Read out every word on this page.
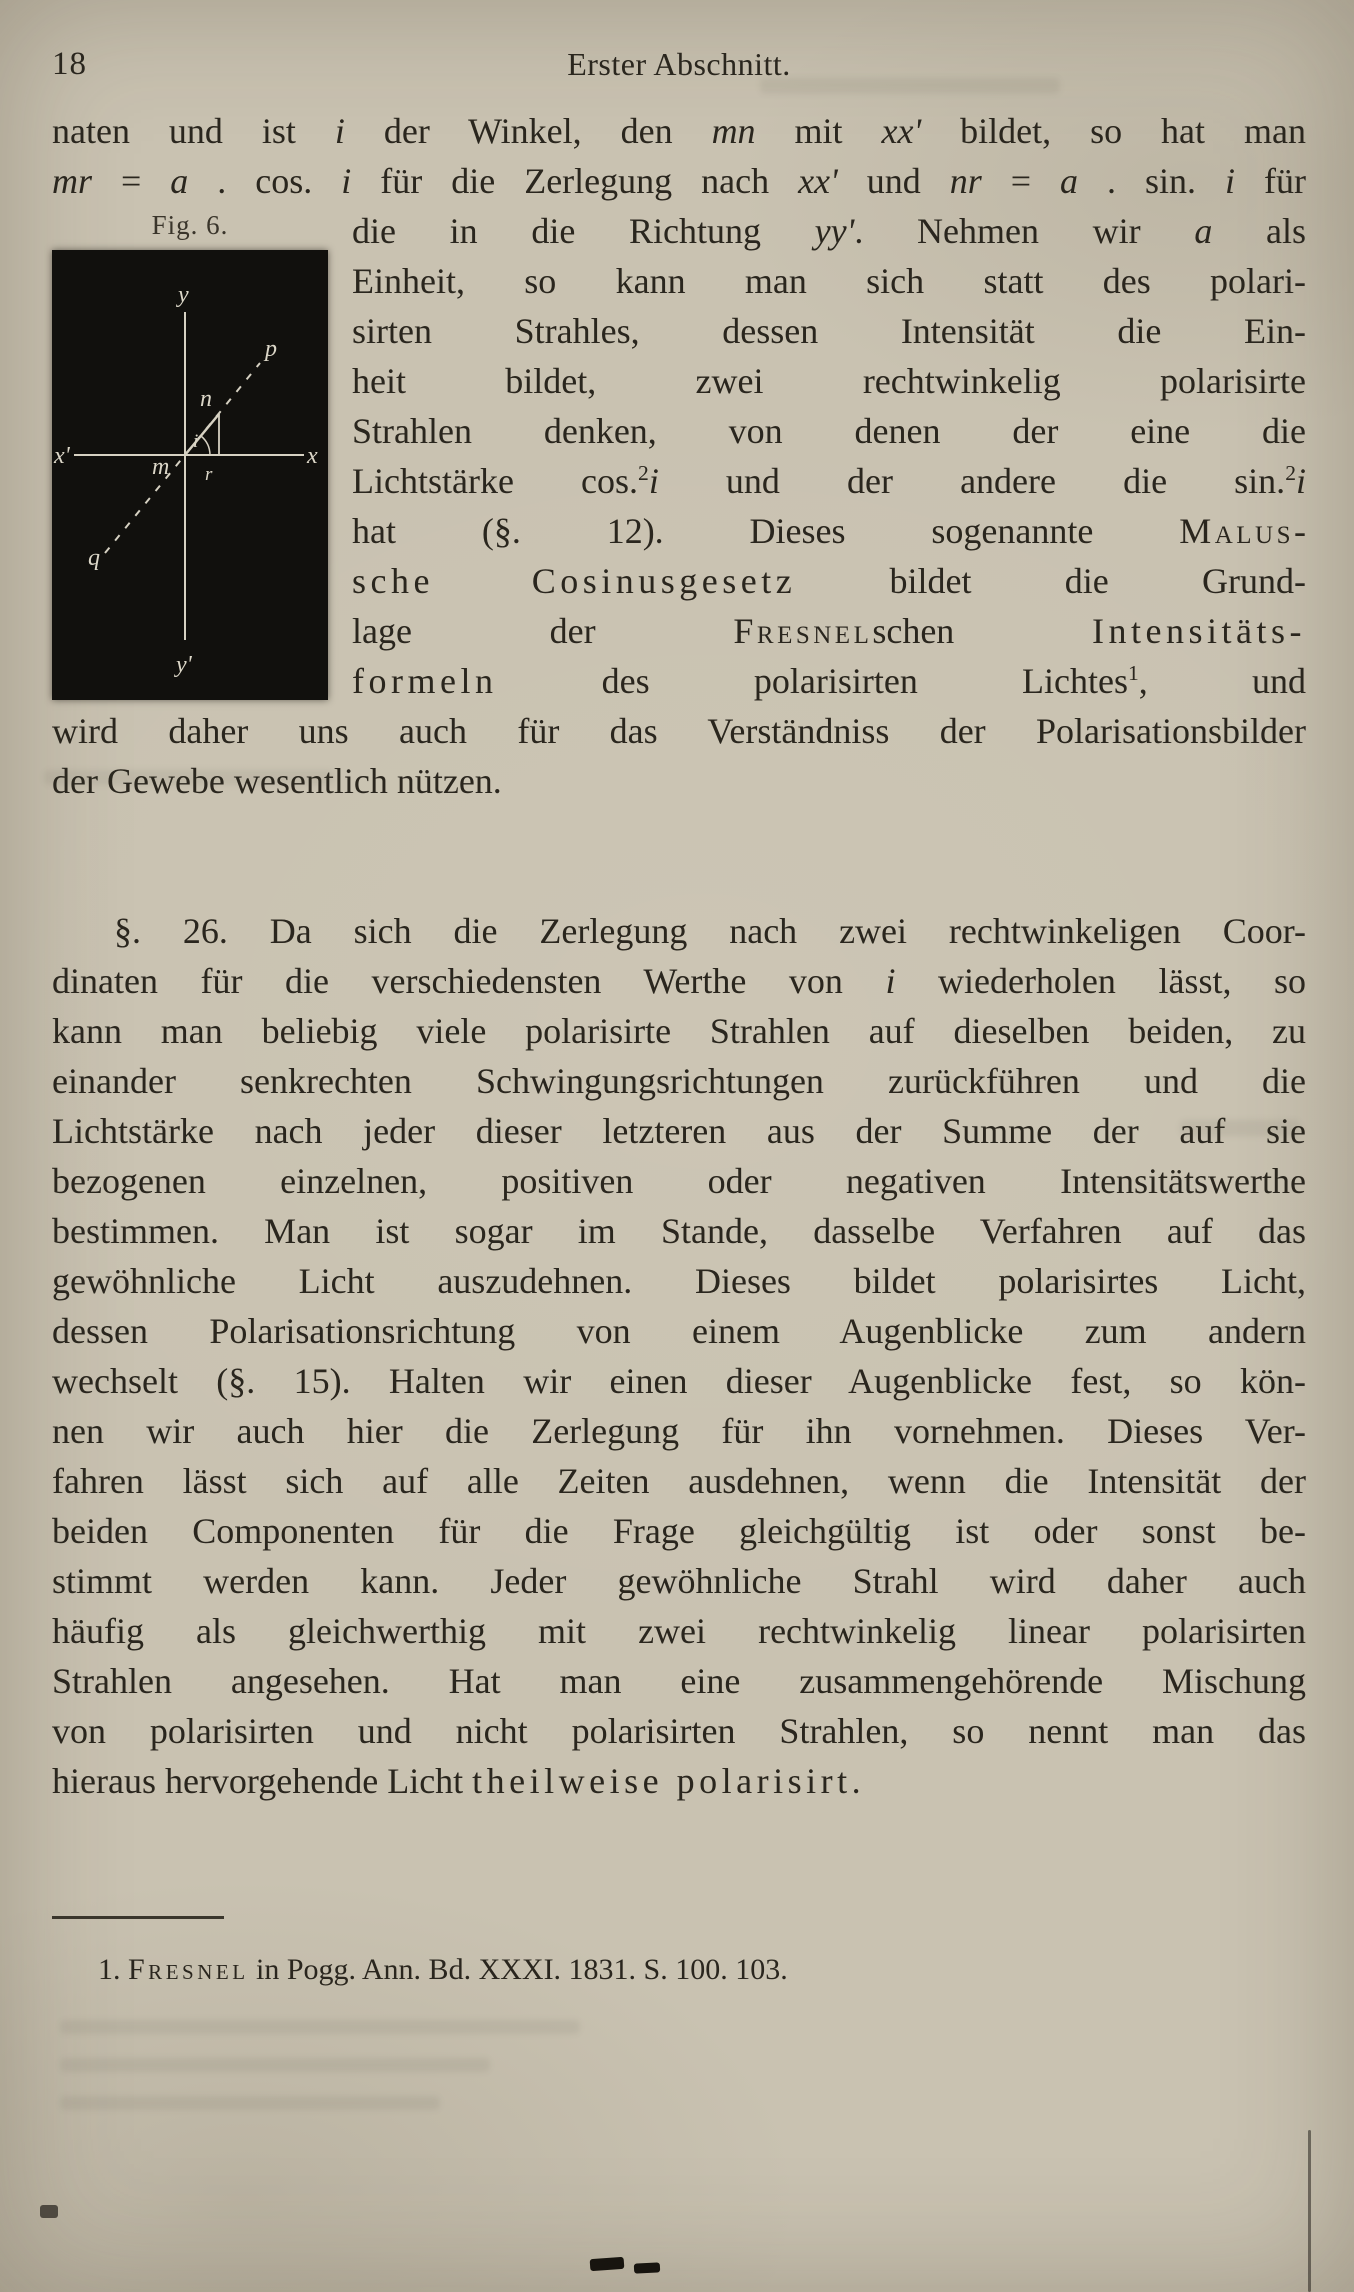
18	Erster Abschnitt.
naten und ist i der Winkel, den mn mit xx' bildet, so hat man
mr = a . cos. i für die Zerlegung nach xx' und nr = a . sin. i für
die in die Richtung yy'. Nehmen wir a als
Einheit, so kann man sich statt des polari-
sirten Strahles, dessen Intensität die Ein-
heit bildet, zwei rechtwinkelig polarisirte
Strahlen denken, von denen der eine die
Lichtstärke cos.$^2$i und der andere die sin.$^2$i
hat (§. 12). Dieses sogenannte Malus-
sche Cosinusgesetz bildet die Grund-
lage der Fresnelschen Intensitäts-
formeln des polarisirten Lichtes$^1$, und
wird daher uns auch für das Verständniss der Polarisationsbilder
der Gewebe wesentlich nützen.
Fig. 6.
y
y'
x'	x
p
q
n
m
i
r
§. 26. Da sich die Zerlegung nach zwei rechtwinkeligen Coor-
dinaten für die verschiedensten Werthe von i wiederholen lässt, so
kann man beliebig viele polarisirte Strahlen auf dieselben beiden, zu
einander senkrechten Schwingungsrichtungen zurückführen und die
Lichtstärke nach jeder dieser letzteren aus der Summe der auf sie
bezogenen einzelnen, positiven oder negativen Intensitätswerthe
bestimmen. Man ist sogar im Stande, dasselbe Verfahren auf das
gewöhnliche Licht auszudehnen. Dieses bildet polarisirtes Licht,
dessen Polarisationsrichtung von einem Augenblicke zum andern
wechselt (§. 15). Halten wir einen dieser Augenblicke fest, so kön-
nen wir auch hier die Zerlegung für ihn vornehmen. Dieses Ver-
fahren lässt sich auf alle Zeiten ausdehnen, wenn die Intensität der
beiden Componenten für die Frage gleichgültig ist oder sonst be-
stimmt werden kann. Jeder gewöhnliche Strahl wird daher auch
häufig als gleichwerthig mit zwei rechtwinkelig linear polarisirten
Strahlen angesehen. Hat man eine zusammengehörende Mischung
von polarisirten und nicht polarisirten Strahlen, so nennt man das
hieraus hervorgehende Licht theilweise polarisirt.
1. Fresnel in Pogg. Ann. Bd. XXXI. 1831. S. 100. 103.
